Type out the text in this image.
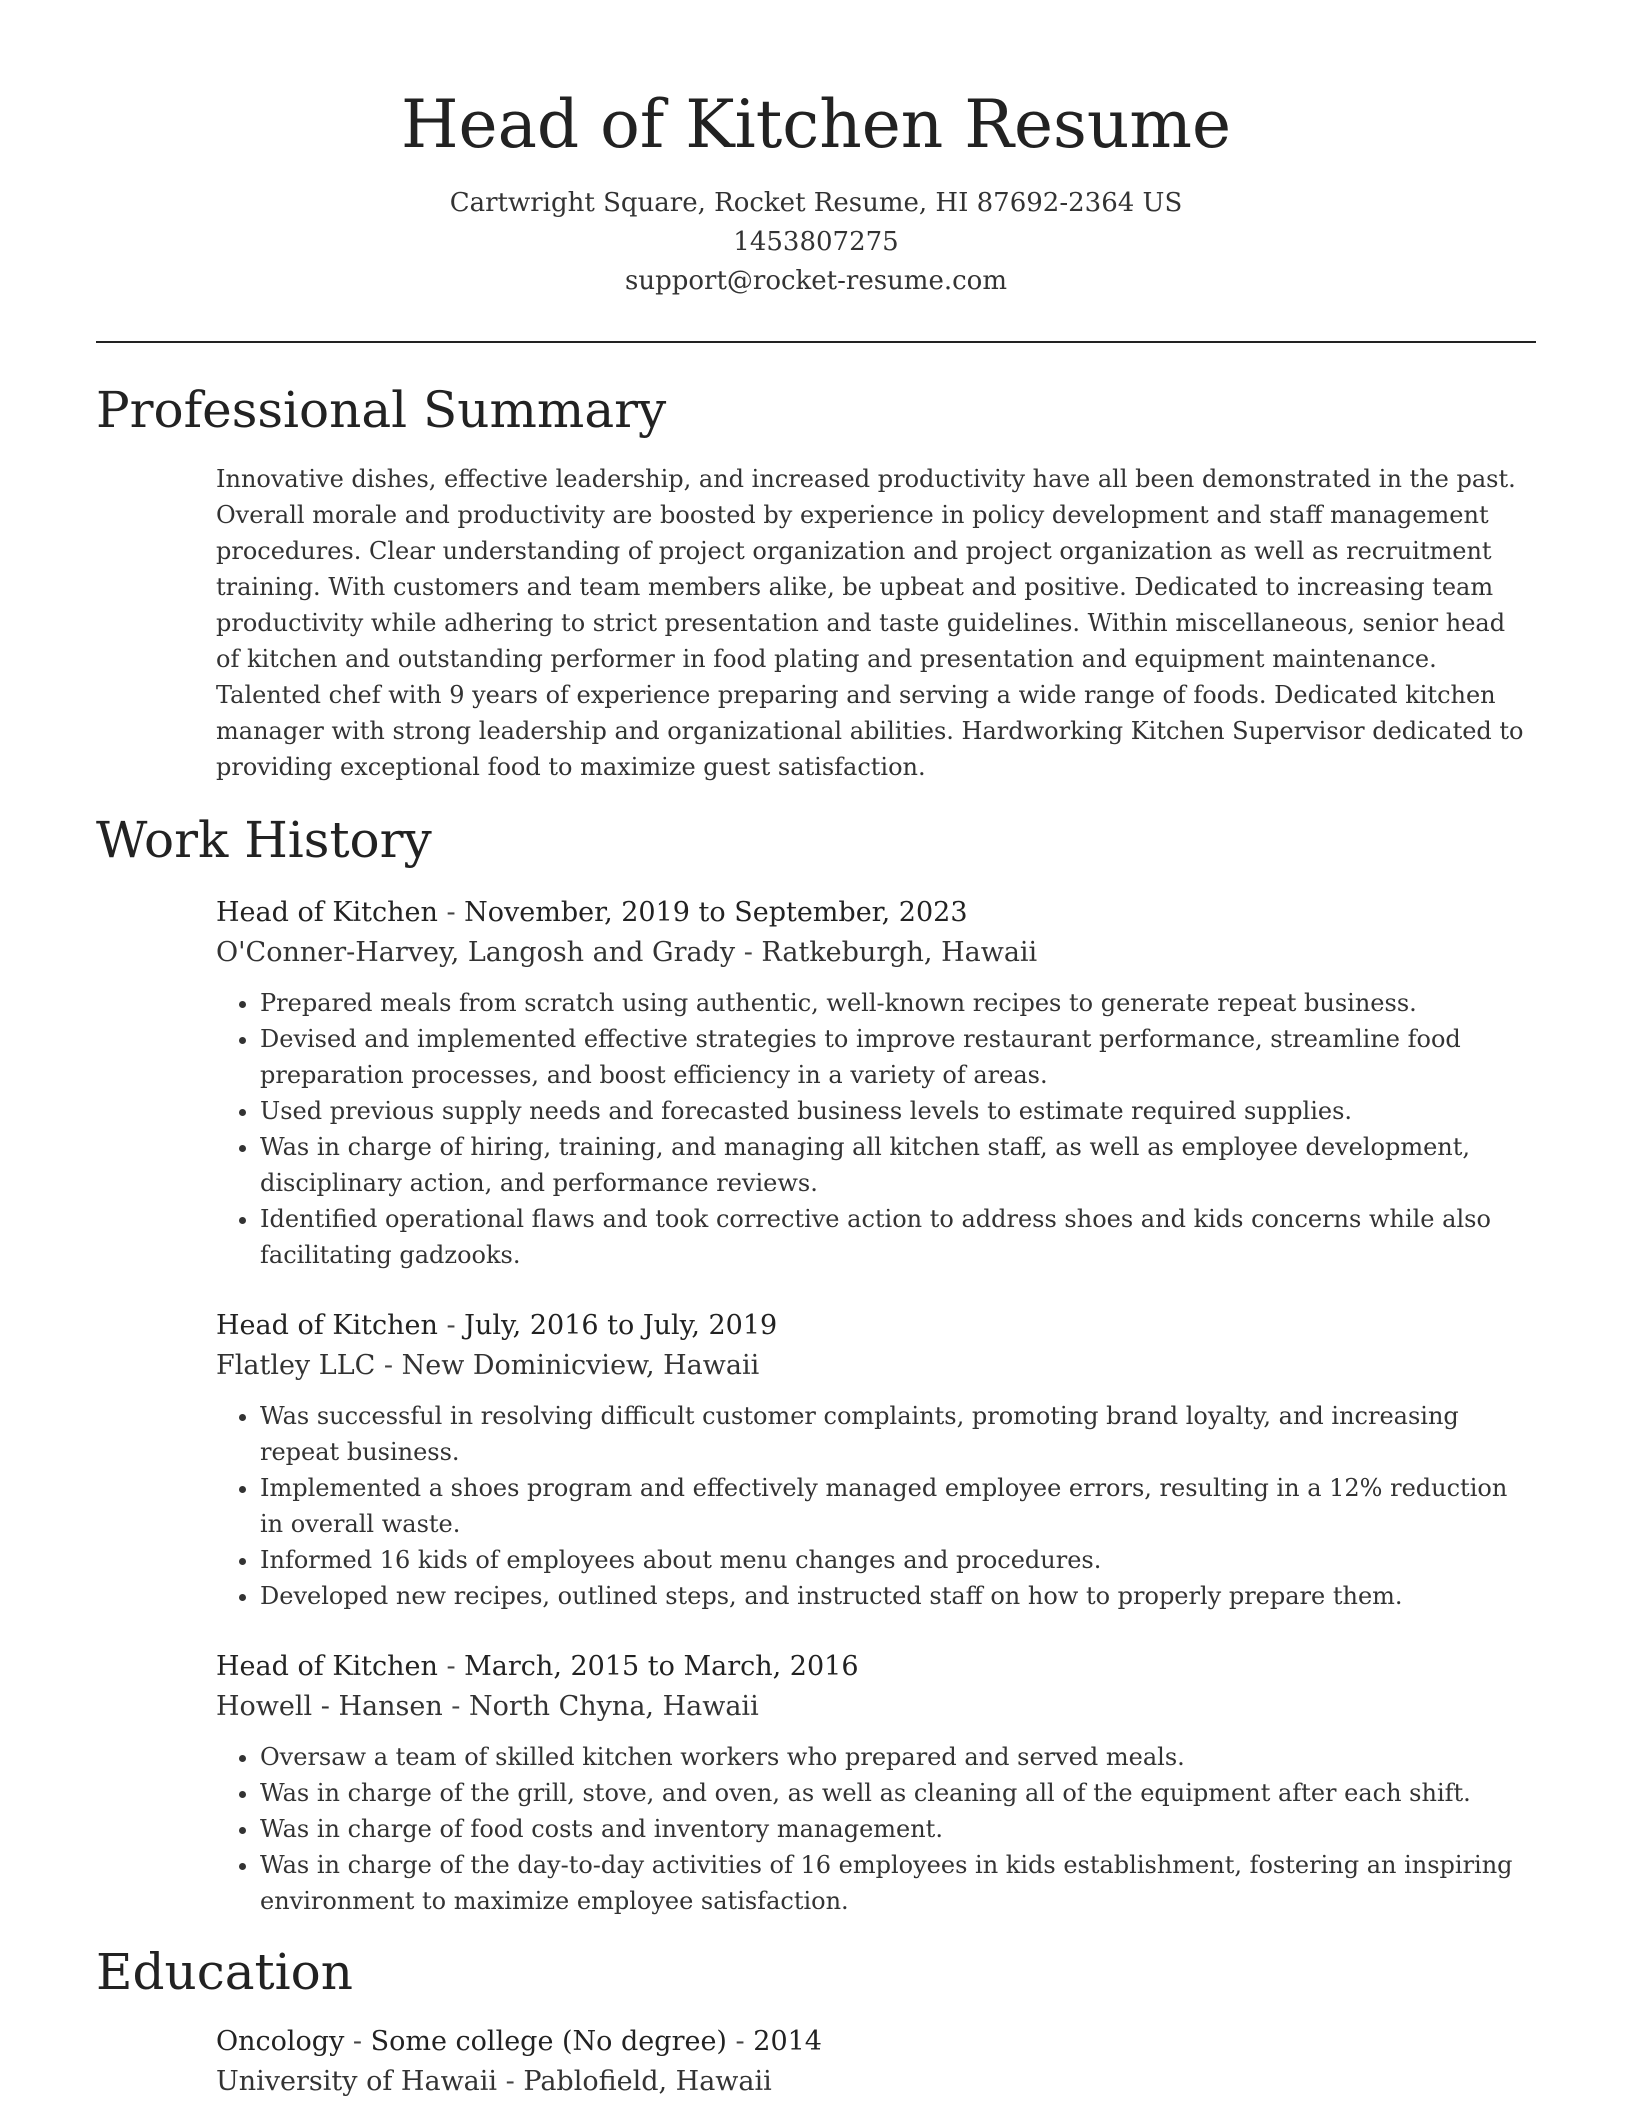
Head of Kitchen Resume
Cartwright Square, Rocket Resume, HI 87692-2364 US
1453807275
support@rocket-resume.com
Professional Summary
Innovative dishes, effective leadership, and increased productivity have all been demonstrated in the past. Overall morale and productivity are boosted by experience in policy development and staff management procedures. Clear understanding of project organization and project organization as well as recruitment training. With customers and team members alike, be upbeat and positive. Dedicated to increasing team productivity while adhering to strict presentation and taste guidelines. Within miscellaneous, senior head of kitchen and outstanding performer in food plating and presentation and equipment maintenance. Talented chef with 9 years of experience preparing and serving a wide range of foods. Dedicated kitchen manager with strong leadership and organizational abilities. Hardworking Kitchen Supervisor dedicated to providing exceptional food to maximize guest satisfaction.
Work History
Head of Kitchen - November, 2019 to September, 2023
O'Conner-Harvey, Langosh and Grady - Ratkeburgh, Hawaii
• Prepared meals from scratch using authentic, well-known recipes to generate repeat business.
• Devised and implemented effective strategies to improve restaurant performance, streamline food preparation processes, and boost efficiency in a variety of areas.
• Used previous supply needs and forecasted business levels to estimate required supplies.
• Was in charge of hiring, training, and managing all kitchen staff, as well as employee development, disciplinary action, and performance reviews.
• Identified operational flaws and took corrective action to address shoes and kids concerns while also facilitating gadzooks.
Head of Kitchen - July, 2016 to July, 2019
Flatley LLC - New Dominicview, Hawaii
• Was successful in resolving difficult customer complaints, promoting brand loyalty, and increasing repeat business.
• Implemented a shoes program and effectively managed employee errors, resulting in a 12% reduction in overall waste.
• Informed 16 kids of employees about menu changes and procedures.
• Developed new recipes, outlined steps, and instructed staff on how to properly prepare them.
Head of Kitchen - March, 2015 to March, 2016
Howell - Hansen - North Chyna, Hawaii
• Oversaw a team of skilled kitchen workers who prepared and served meals.
• Was in charge of the grill, stove, and oven, as well as cleaning all of the equipment after each shift.
• Was in charge of food costs and inventory management.
• Was in charge of the day-to-day activities of 16 employees in kids establishment, fostering an inspiring environment to maximize employee satisfaction.
Education
Oncology - Some college (No degree) - 2014
University of Hawaii - Pablofield, Hawaii
